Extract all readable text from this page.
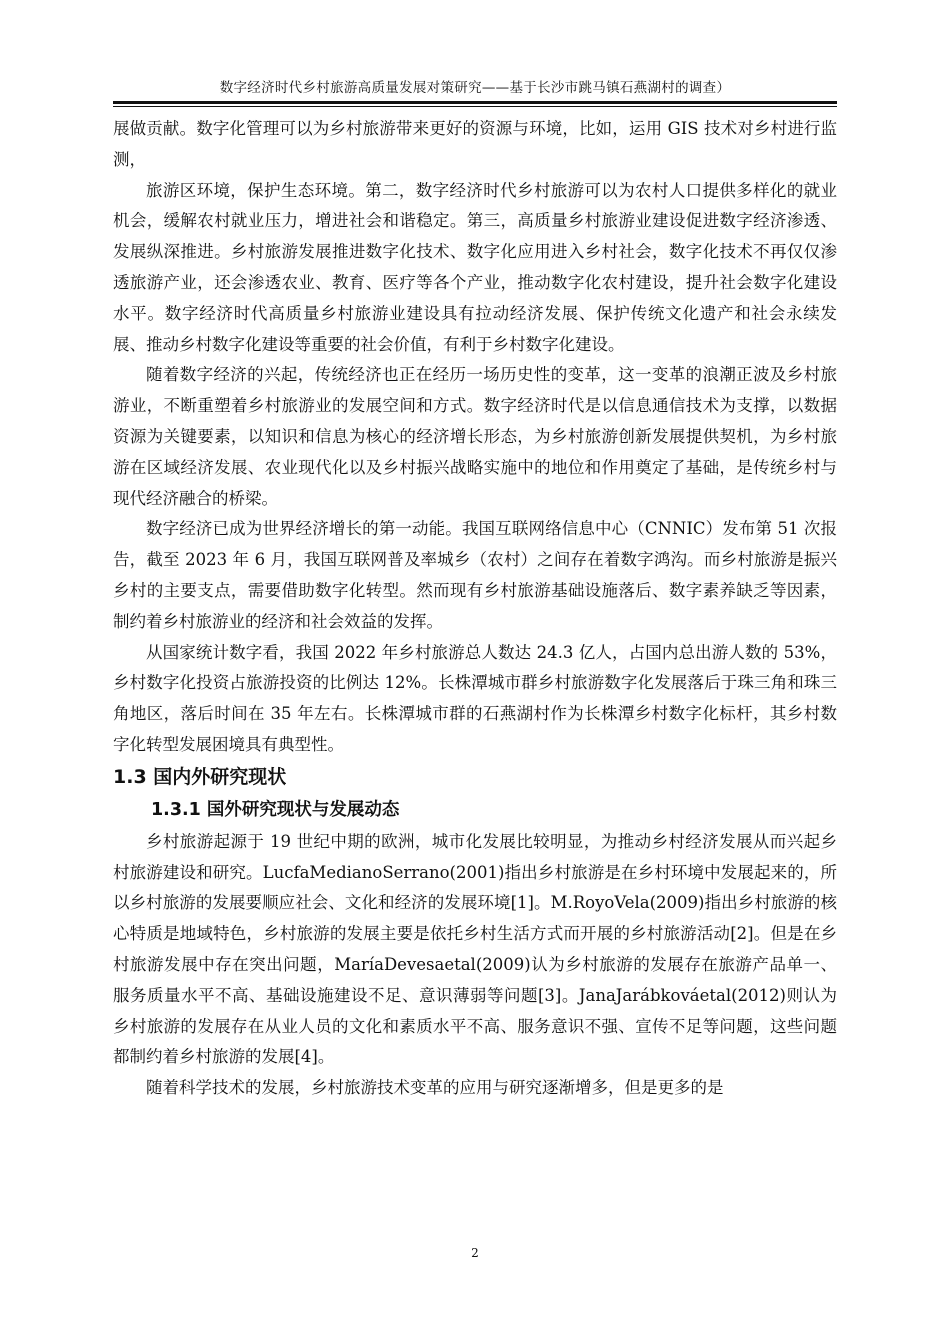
数字经济时代乡村旅游高质量发展对策研究——基于长沙市跳马镇石燕湖村的调查）

展做贡献。数字化管理可以为乡村旅游带来更好的资源与环境，比如，运用 GIS 技术对乡村进行监测，

旅游区环境，保护生态环境。第二，数字经济时代乡村旅游可以为农村人口提供多样化的就业机会，缓解农村就业压力，增进社会和谐稳定。第三，高质量乡村旅游业建设促进数字经济渗透、发展纵深推进。乡村旅游发展推进数字化技术、数字化应用进入乡村社会，数字化技术不再仅仅渗透旅游产业，还会渗透农业、教育、医疗等各个产业，推动数字化农村建设，提升社会数字化建设水平。数字经济时代高质量乡村旅游业建设具有拉动经济发展、保护传统文化遗产和社会永续发展、推动乡村数字化建设等重要的社会价值，有利于乡村数字化建设。

随着数字经济的兴起，传统经济也正在经历一场历史性的变革，这一变革的浪潮正波及乡村旅游业，不断重塑着乡村旅游业的发展空间和方式。数字经济时代是以信息通信技术为支撑，以数据资源为关键要素，以知识和信息为核心的经济增长形态，为乡村旅游创新发展提供契机，为乡村旅游在区域经济发展、农业现代化以及乡村振兴战略实施中的地位和作用奠定了基础，是传统乡村与现代经济融合的桥梁。

数字经济已成为世界经济增长的第一动能。我国互联网络信息中心（CNNIC）发布第 51 次报告，截至 2023 年 6 月，我国互联网普及率城乡（农村）之间存在着数字鸿沟。而乡村旅游是振兴乡村的主要支点，需要借助数字化转型。然而现有乡村旅游基础设施落后、数字素养缺乏等因素，制约着乡村旅游业的经济和社会效益的发挥。

从国家统计数字看，我国 2022 年乡村旅游总人数达 24.3 亿人，占国内总出游人数的 53%，乡村数字化投资占旅游投资的比例达 12%。长株潭城市群乡村旅游数字化发展落后于珠三角和珠三角地区，落后时间在 35 年左右。长株潭城市群的石燕湖村作为长株潭乡村数字化标杆，其乡村数字化转型发展困境具有典型性。

1.3 国内外研究现状
1.3.1 国外研究现状与发展动态

乡村旅游起源于 19 世纪中期的欧洲，城市化发展比较明显，为推动乡村经济发展从而兴起乡村旅游建设和研究。LucfaMedianoSerrano(2001)指出乡村旅游是在乡村环境中发展起来的，所以乡村旅游的发展要顺应社会、文化和经济的发展环境[1]。M.RoyoVela(2009)指出乡村旅游的核心特质是地域特色，乡村旅游的发展主要是依托乡村生活方式而开展的乡村旅游活动[2]。但是在乡村旅游发展中存在突出问题，MaríaDevesaetal(2009)认为乡村旅游的发展存在旅游产品单一、服务质量水平不高、基础设施建设不足、意识薄弱等问题[3]。JanaJarábkováetal(2012)则认为乡村旅游的发展存在从业人员的文化和素质水平不高、服务意识不强、宣传不足等问题，这些问题都制约着乡村旅游的发展[4]。

随着科学技术的发展，乡村旅游技术变革的应用与研究逐渐增多，但是更多的是

2
